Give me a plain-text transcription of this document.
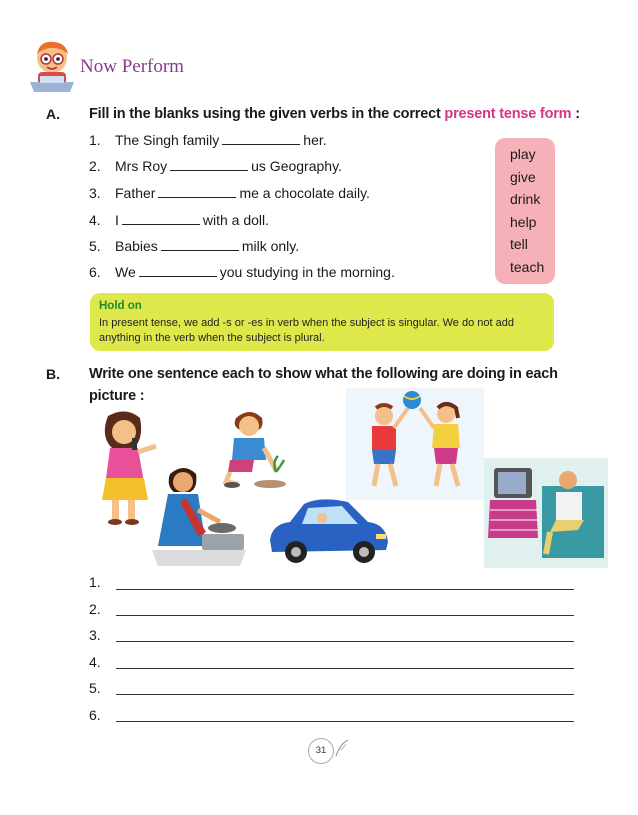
Now Perform
A. Fill in the blanks using the given verbs in the correct present tense form :
1. The Singh family	her.
2. Mrs Roy	us Geography.
3. Father	me a chocolate daily.
4. I	with a doll.
5. Babies	milk only.
6. We	you studying in the morning.
play
give
drink
help
tell
teach
Hold on
In present tense, we add -s or -es in verb when the subject is singular. We do not add anything in the verb when the subject is plural.
B. Write one sentence each to show what the following are doing in each
picture :
1.
2.
3.
4.
5.
6.
31
